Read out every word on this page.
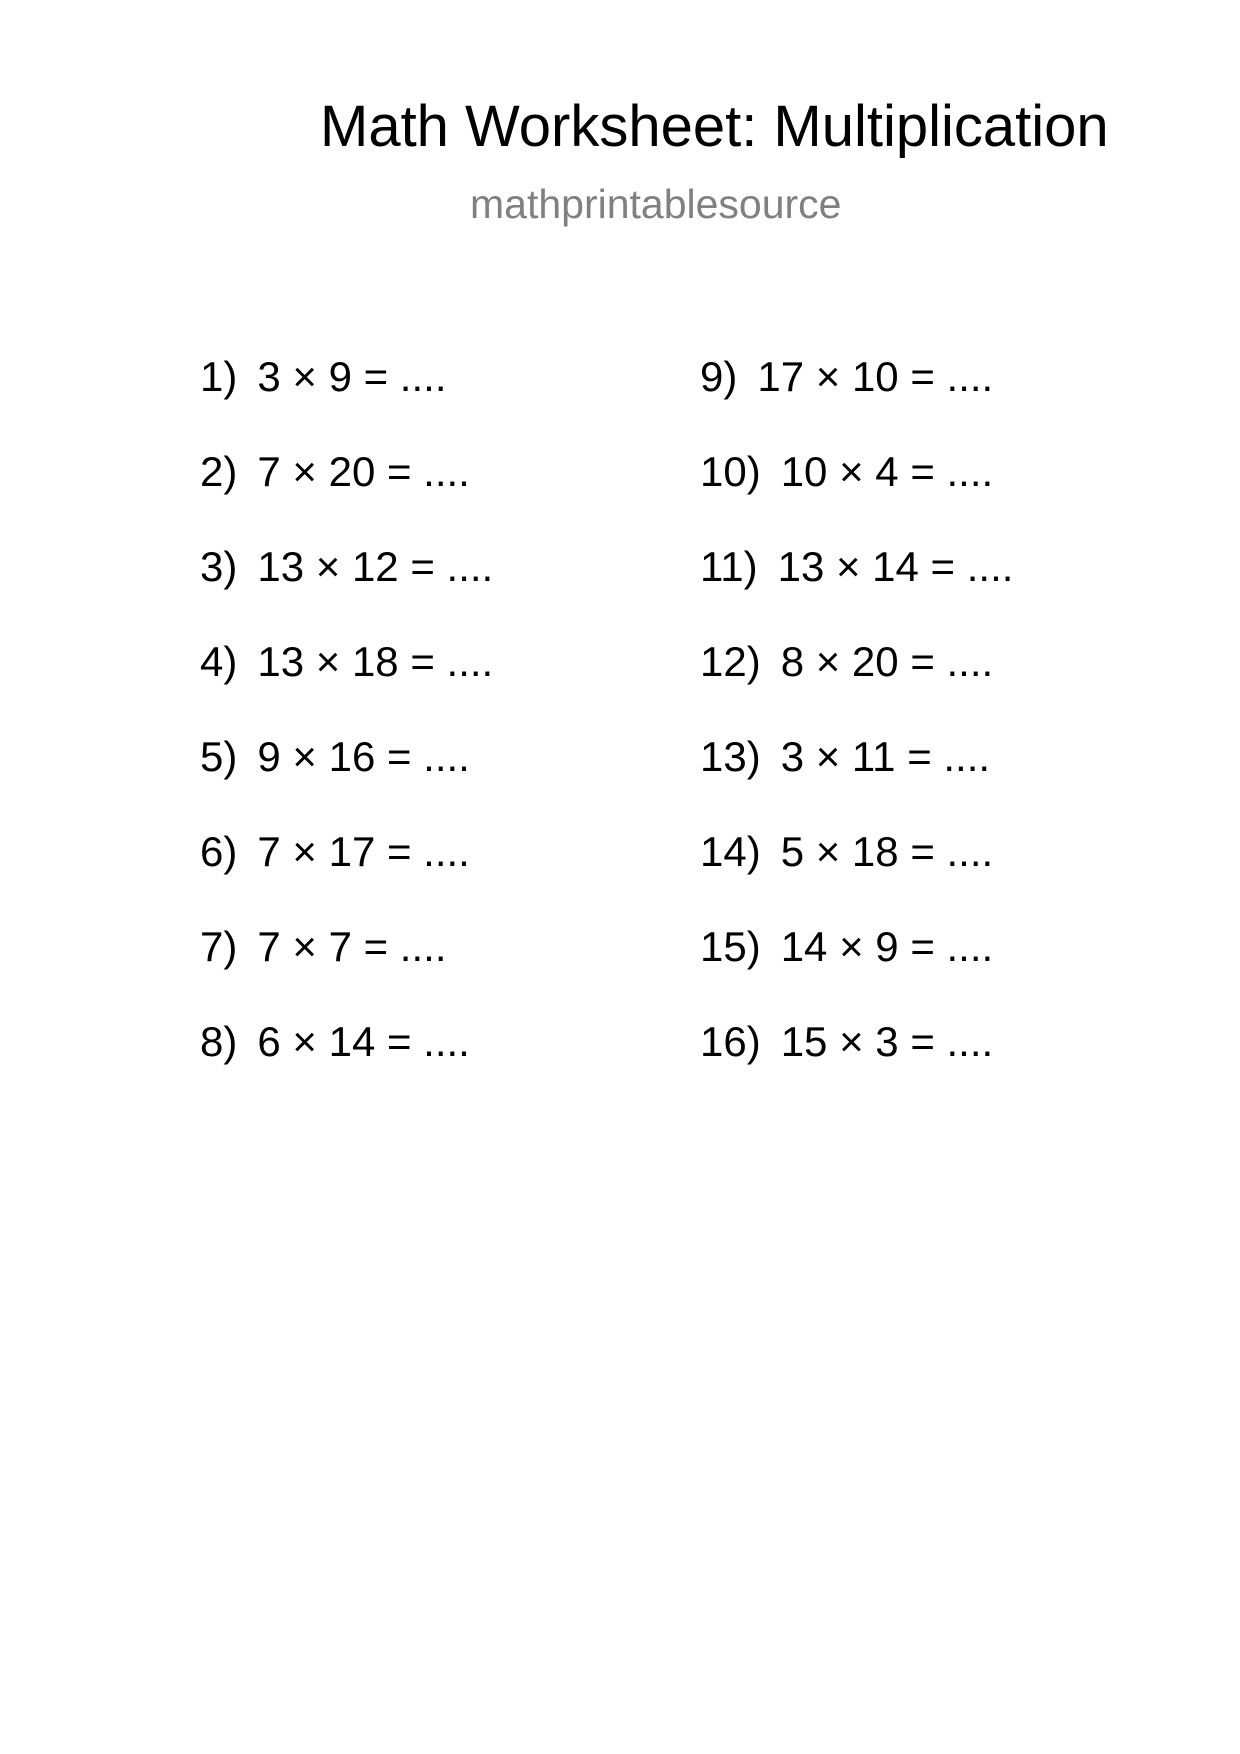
Math Worksheet: Multiplication
mathprintablesource
1) 3 × 9 = ....
2) 7 × 20 = ....
3) 13 × 12 = ....
4) 13 × 18 = ....
5) 9 × 16 = ....
6) 7 × 17 = ....
7) 7 × 7 = ....
8) 6 × 14 = ....
9) 17 × 10 = ....
10) 10 × 4 = ....
11) 13 × 14 = ....
12) 8 × 20 = ....
13) 3 × 11 = ....
14) 5 × 18 = ....
15) 14 × 9 = ....
16) 15 × 3 = ....
